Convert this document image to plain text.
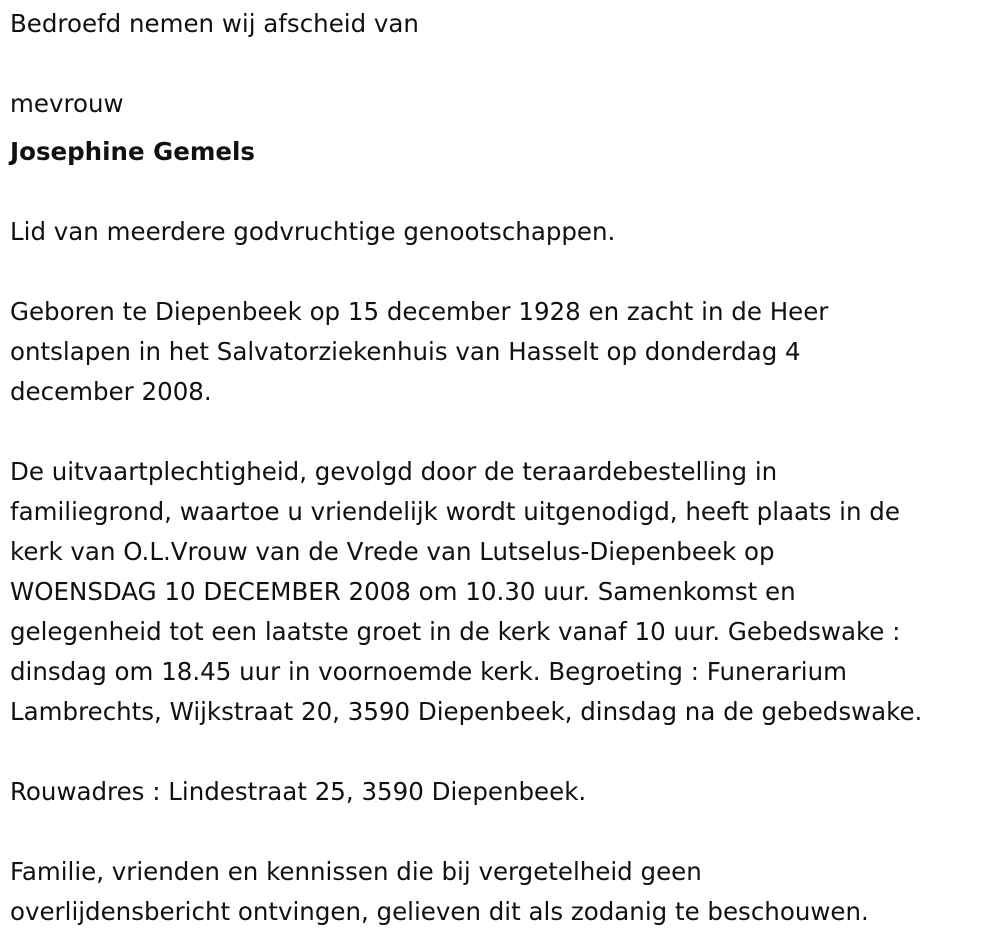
Bedroefd nemen wij afscheid van
mevrouw
Josephine Gemels
Lid van meerdere godvruchtige genootschappen.
Geboren te Diepenbeek op 15 december 1928 en zacht in de Heer
ontslapen in het Salvatorziekenhuis van Hasselt op donderdag 4
december 2008.
De uitvaartplechtigheid, gevolgd door de teraardebestelling in
familiegrond, waartoe u vriendelijk wordt uitgenodigd, heeft plaats in de
kerk van O.L.Vrouw van de Vrede van Lutselus-Diepenbeek op
WOENSDAG 10 DECEMBER 2008 om 10.30 uur. Samenkomst en
gelegenheid tot een laatste groet in de kerk vanaf 10 uur. Gebedswake :
dinsdag om 18.45 uur in voornoemde kerk. Begroeting : Funerarium
Lambrechts, Wijkstraat 20, 3590 Diepenbeek, dinsdag na de gebedswake.
Rouwadres : Lindestraat 25, 3590 Diepenbeek.
Familie, vrienden en kennissen die bij vergetelheid geen
overlijdensbericht ontvingen, gelieven dit als zodanig te beschouwen.
